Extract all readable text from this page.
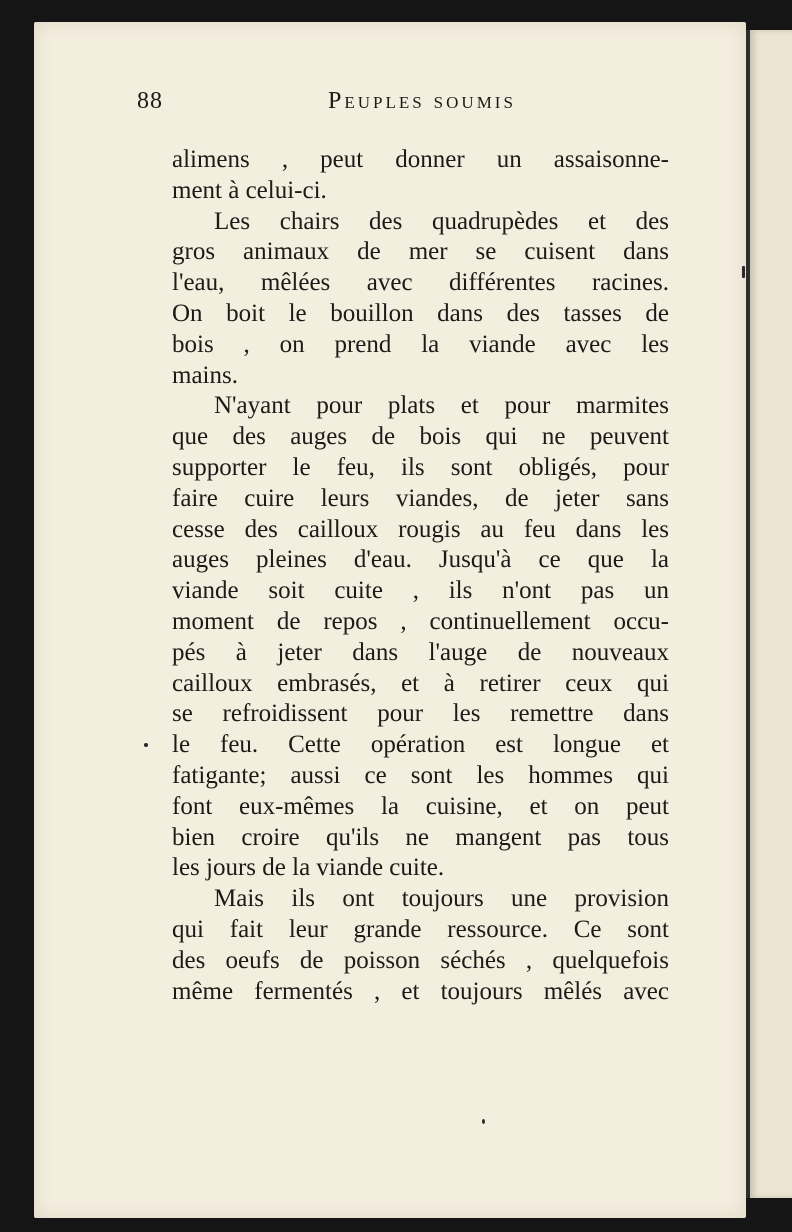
88	Peuples soumis
alimens , peut donner un assaisonne-
ment à celui-ci.
Les chairs des quadrupèdes et des
gros animaux de mer se cuisent dans
l'eau, mêlées avec différentes racines.
On boit le bouillon dans des tasses de
bois , on prend la viande avec les
mains.
N'ayant pour plats et pour marmites
que des auges de bois qui ne peuvent
supporter le feu, ils sont obligés, pour
faire cuire leurs viandes, de jeter sans
cesse des cailloux rougis au feu dans les
auges pleines d'eau. Jusqu'à ce que la
viande soit cuite , ils n'ont pas un
moment de repos , continuellement occu-
pés à jeter dans l'auge de nouveaux
cailloux embrasés, et à retirer ceux qui
se refroidissent pour les remettre dans
le feu. Cette opération est longue et
fatigante; aussi ce sont les hommes qui
font eux-mêmes la cuisine, et on peut
bien croire qu'ils ne mangent pas tous
les jours de la viande cuite.
Mais ils ont toujours une provision
qui fait leur grande ressource. Ce sont
des oeufs de poisson séchés , quelquefois
même fermentés , et toujours mêlés avec
